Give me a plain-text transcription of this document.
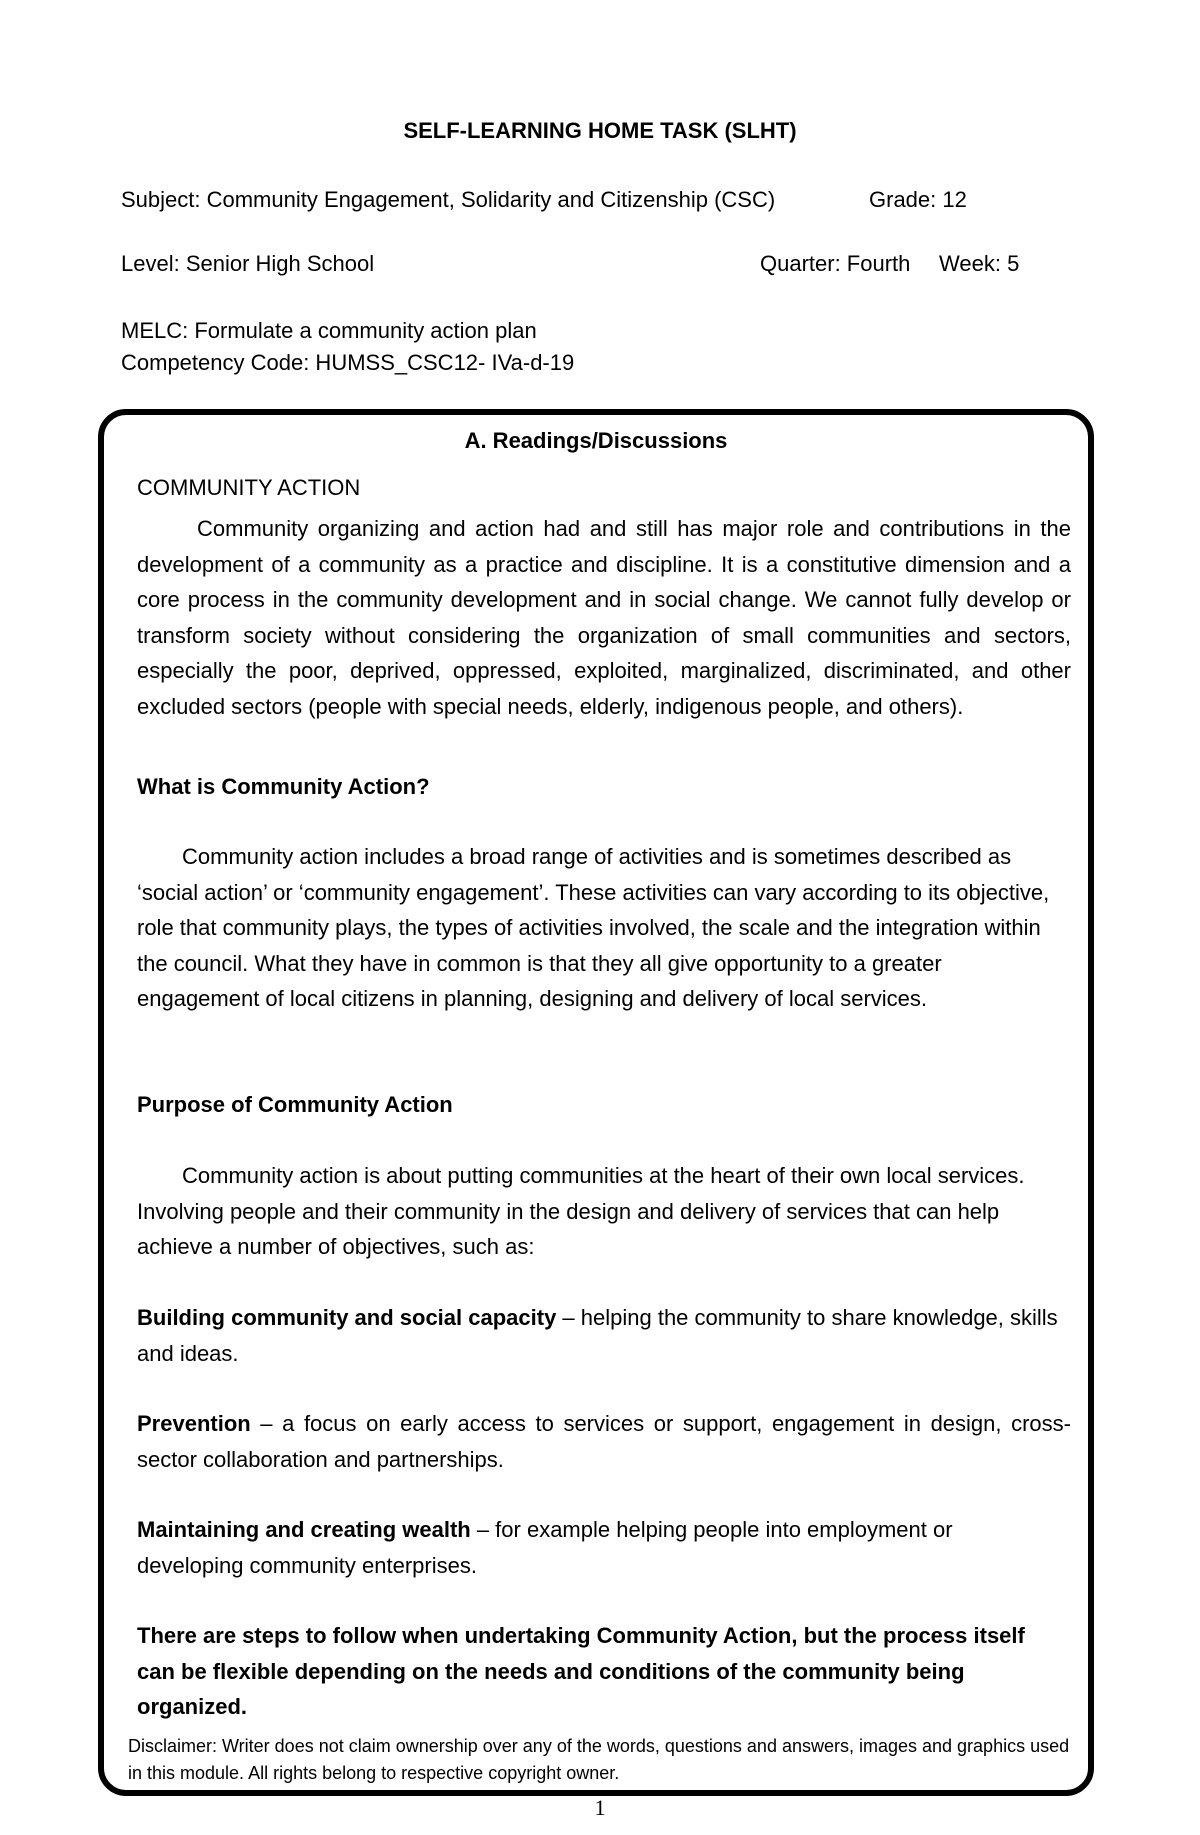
SELF-LEARNING HOME TASK (SLHT)
Subject: Community Engagement, Solidarity and Citizenship (CSC)	Grade: 12
Level: Senior High School	Quarter: Fourth Week: 5
MELC: Formulate a community action plan
Competency Code: HUMSS_CSC12- IVa-d-19
A. Readings/Discussions
COMMUNITY ACTION
Community organizing and action had and still has major role and contributions in the development of a community as a practice and discipline. It is a constitutive dimension and a core process in the community development and in social change. We cannot fully develop or transform society without considering the organization of small communities and sectors, especially the poor, deprived, oppressed, exploited, marginalized, discriminated, and other excluded sectors (people with special needs, elderly, indigenous people, and others).
What is Community Action?
Community action includes a broad range of activities and is sometimes described as ‘social action’ or ‘community engagement’. These activities can vary according to its objective, role that community plays, the types of activities involved, the scale and the integration within the council. What they have in common is that they all give opportunity to a greater engagement of local citizens in planning, designing and delivery of local services.
Purpose of Community Action
Community action is about putting communities at the heart of their own local services. Involving people and their community in the design and delivery of services that can help achieve a number of objectives, such as:
Building community and social capacity – helping the community to share knowledge, skills and ideas.
Prevention – a focus on early access to services or support, engagement in design, cross-sector collaboration and partnerships.
Maintaining and creating wealth – for example helping people into employment or developing community enterprises.
There are steps to follow when undertaking Community Action, but the process itself can be flexible depending on the needs and conditions of the community being organized.
Disclaimer: Writer does not claim ownership over any of the words, questions and answers, images and graphics used in this module. All rights belong to respective copyright owner.
1
